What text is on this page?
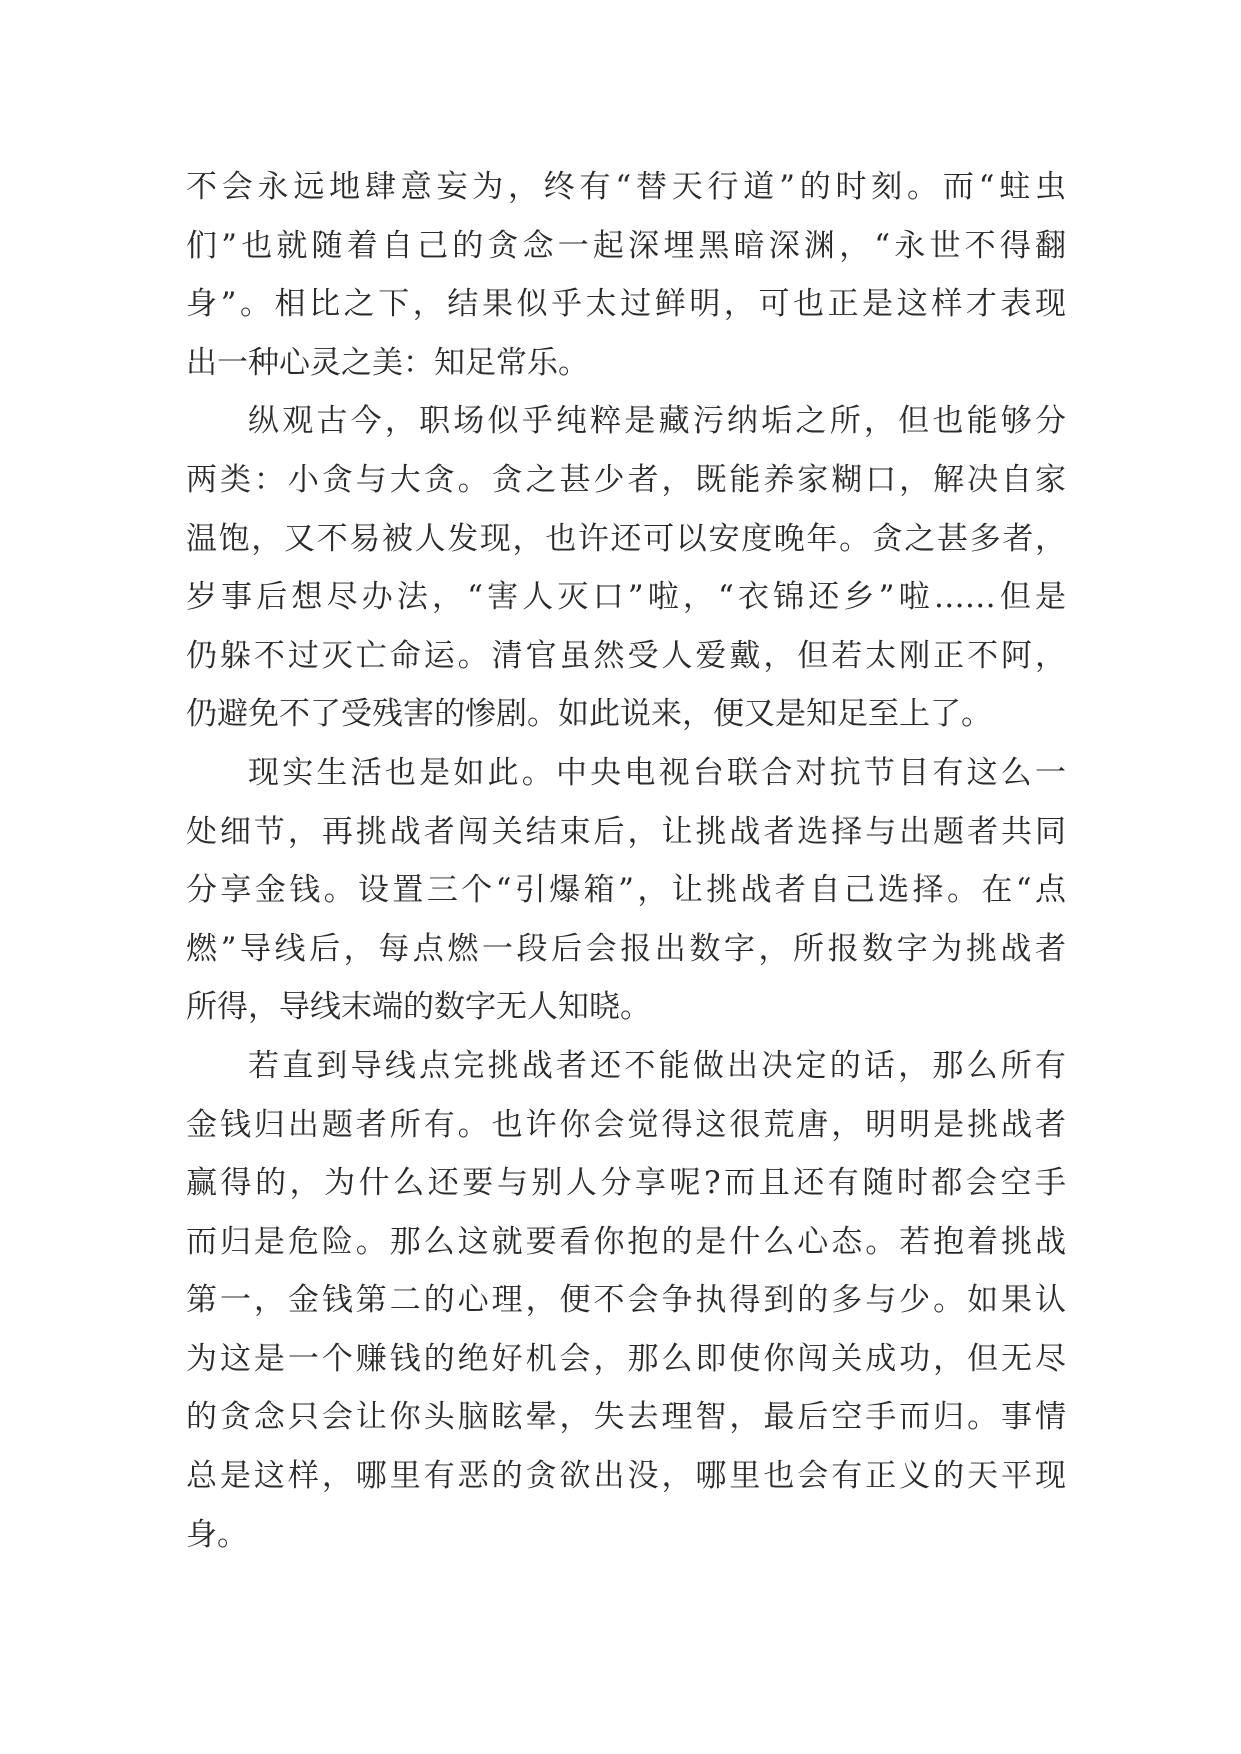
不会永远地肆意妄为，终有“替天行道”的时刻。而“蛀虫
们”也就随着自己的贪念一起深埋黑暗深渊，“永世不得翻
身”。相比之下，结果似乎太过鲜明，可也正是这样才表现
出一种心灵之美：知足常乐。
纵观古今，职场似乎纯粹是藏污纳垢之所，但也能够分
两类：小贪与大贪。贪之甚少者，既能养家糊口，解决自家
温饱，又不易被人发现，也许还可以安度晚年。贪之甚多者，
岁事后想尽办法，“害人灭口”啦，“衣锦还乡”啦……但是
仍躲不过灭亡命运。清官虽然受人爱戴，但若太刚正不阿，
仍避免不了受残害的惨剧。如此说来，便又是知足至上了。
现实生活也是如此。中央电视台联合对抗节目有这么一
处细节，再挑战者闯关结束后，让挑战者选择与出题者共同
分享金钱。设置三个“引爆箱”，让挑战者自己选择。在“点
燃”导线后，每点燃一段后会报出数字，所报数字为挑战者
所得，导线末端的数字无人知晓。
若直到导线点完挑战者还不能做出决定的话，那么所有
金钱归出题者所有。也许你会觉得这很荒唐，明明是挑战者
赢得的，为什么还要与别人分享呢?而且还有随时都会空手
而归是危险。那么这就要看你抱的是什么心态。若抱着挑战
第一，金钱第二的心理，便不会争执得到的多与少。如果认
为这是一个赚钱的绝好机会，那么即使你闯关成功，但无尽
的贪念只会让你头脑眩晕，失去理智，最后空手而归。事情
总是这样，哪里有恶的贪欲出没，哪里也会有正义的天平现
身。
